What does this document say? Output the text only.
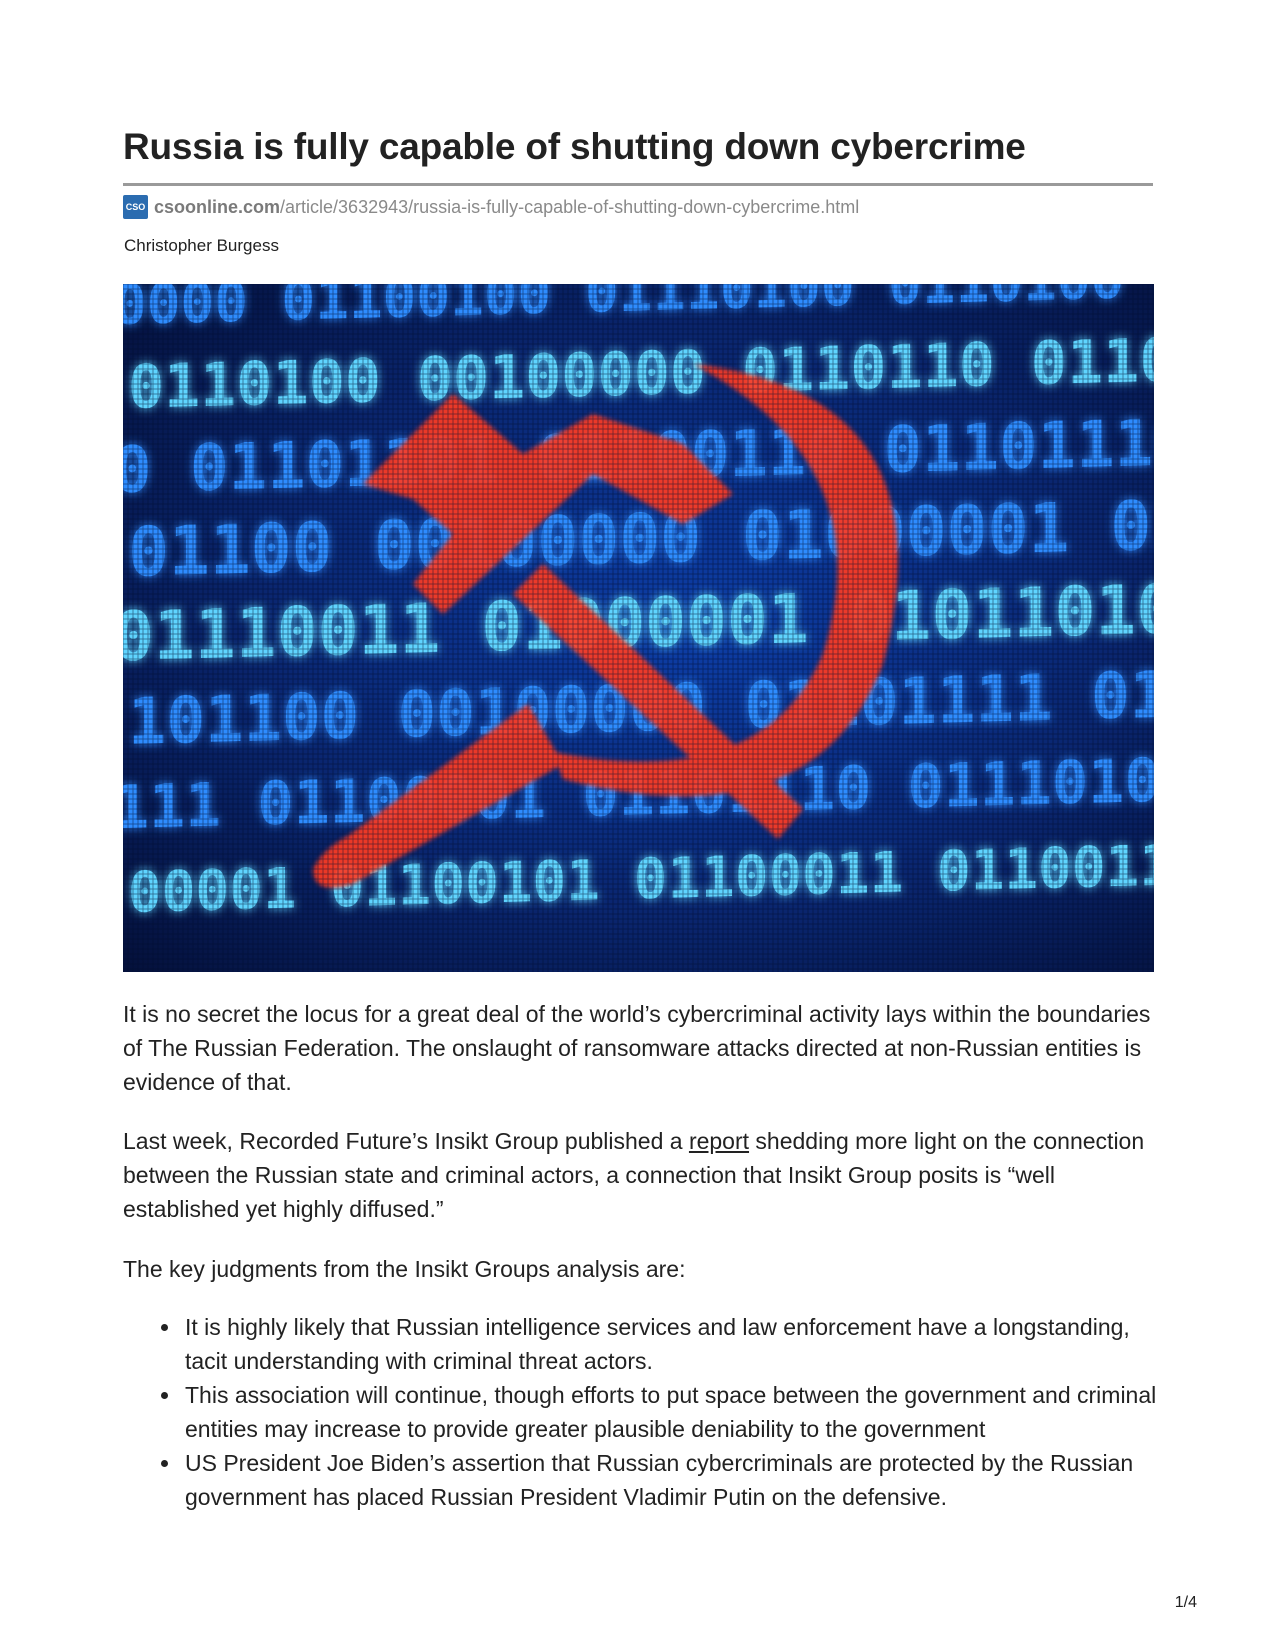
Russia is fully capable of shutting down cybercrime
CSO csoonline.com /article/3632943/russia-is-fully-capable-of-shutting-down-cybercrime.html
Christopher Burgess

It is no secret the locus for a great deal of the world’s cybercriminal activity lays within the boundaries of The Russian Federation. The onslaught of ransomware attacks directed at non-Russian entities is evidence of that.

Last week, Recorded Future’s Insikt Group published a report shedding more light on the connection between the Russian state and criminal actors, a connection that Insikt Group posits is “well established yet highly diffused.”

The key judgments from the Insikt Groups analysis are:

It is highly likely that Russian intelligence services and law enforcement have a longstanding, tacit understanding with criminal threat actors.
This association will continue, though efforts to put space between the government and criminal entities may increase to provide greater plausible deniability to the government
US President Joe Biden’s assertion that Russian cybercriminals are protected by the Russian government has placed Russian President Vladimir Putin on the defensive.
1/4
